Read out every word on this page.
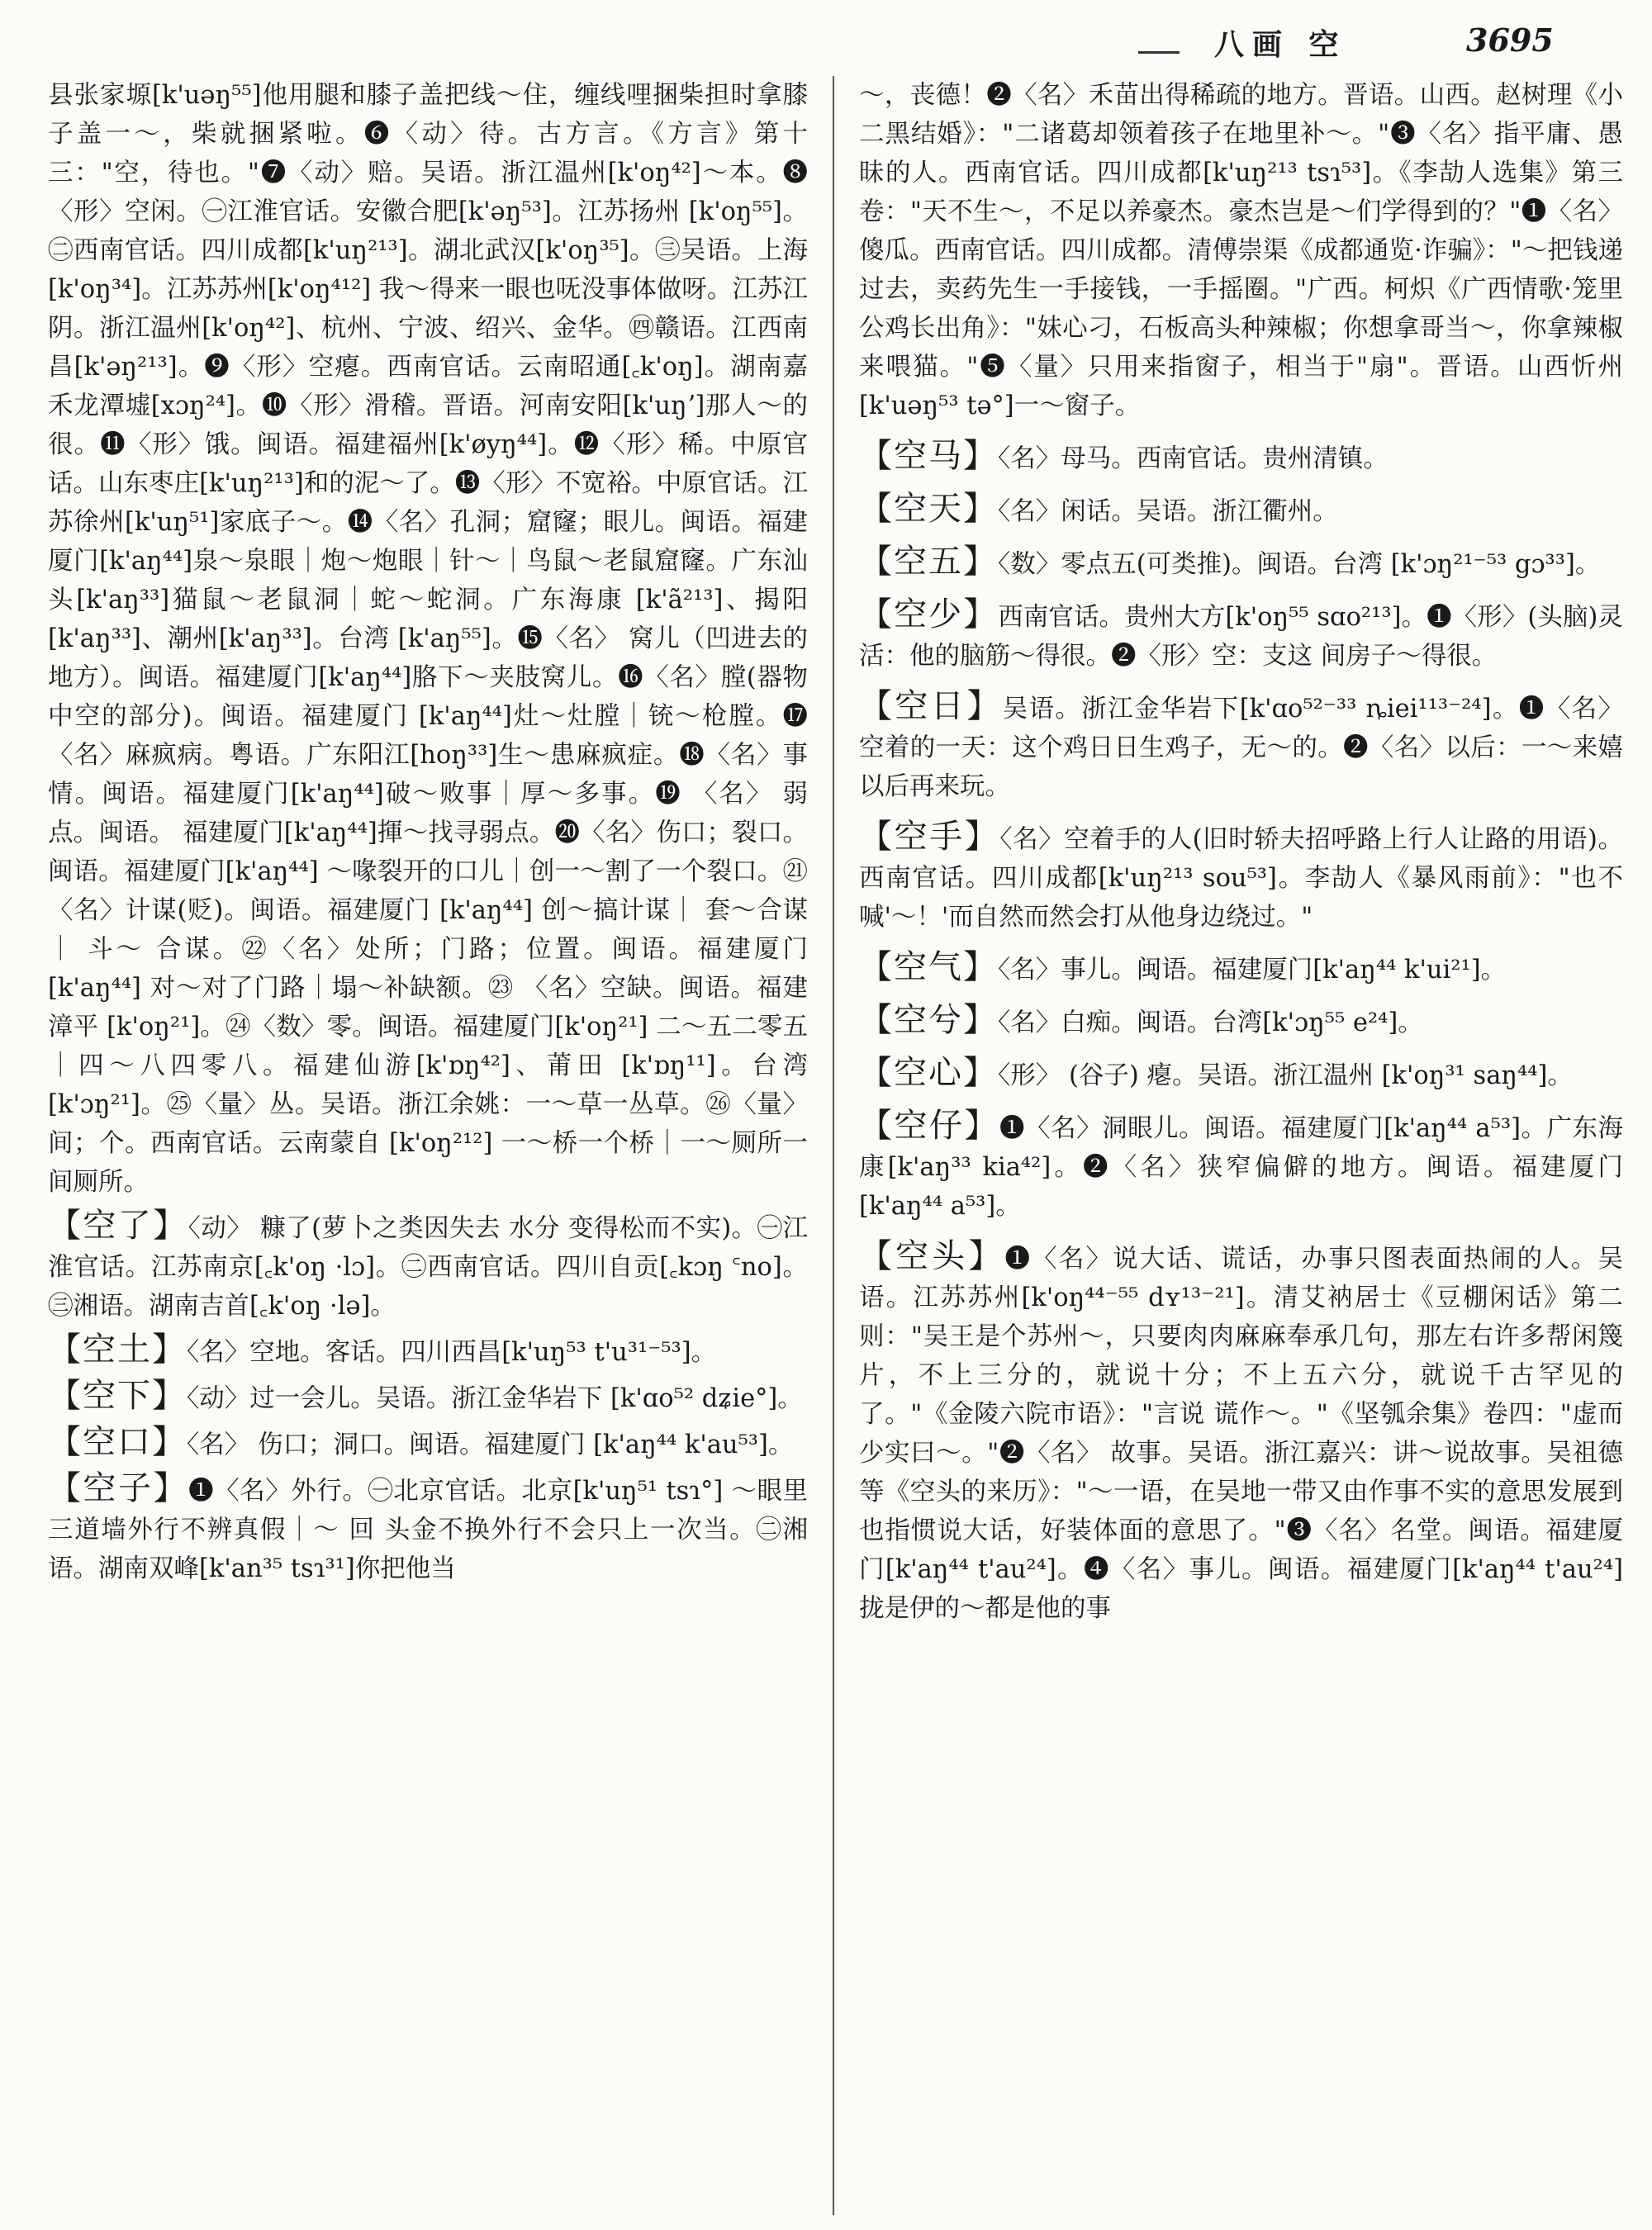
八画 空	3695

县张家塬[k'uəŋ⁵⁵]他用腿和膝子盖把线～住，缠线哩捆柴担时拿膝子盖一～，柴就捆紧啦。❻〈动〉待。古方言。《方言》第十三："空，待也。"❼〈动〉赔。吴语。浙江温州[k'oŋ⁴²]～本。❽〈形〉空闲。㊀江淮官话。安徽合肥[k'əŋ⁵³]。江苏扬州 [k'oŋ⁵⁵]。㊁西南官话。四川成都[k'uŋ²¹³]。湖北武汉[k'oŋ³⁵]。㊂吴语。上海[k'oŋ³⁴]。江苏苏州[k'oŋ⁴¹²] 我～得来一眼也呒没事体做呀。江苏江阴。浙江温州[k'oŋ⁴²]、杭州、宁波、绍兴、金华。㊃赣语。江西南昌[k'əŋ²¹³]。❾〈形〉空瘪。西南官话。云南昭通[꜀k'oŋ]。湖南嘉禾龙潭墟[xɔŋ²⁴]。❿〈形〉滑稽。晋语。河南安阳[k'uŋʼ]那人～的很。⓫〈形〉饿。闽语。福建福州[k'øyŋ⁴⁴]。⓬〈形〉稀。中原官话。山东枣庄[k'uŋ²¹³]和的泥～了。⓭〈形〉不宽裕。中原官话。江苏徐州[k'uŋ⁵¹]家底子～。⓮〈名〉孔洞；窟窿；眼儿。闽语。福建厦门[k'aŋ⁴⁴]泉～泉眼｜炮～炮眼｜针～｜鸟鼠～老鼠窟窿。广东汕头[k'aŋ³³]猫鼠～老鼠洞｜蛇～蛇洞。广东海康 [k'ã²¹³]、揭阳[k'aŋ³³]、潮州[k'aŋ³³]。台湾 [k'aŋ⁵⁵]。⓯〈名〉 窝儿（凹进去的地方）。闽语。福建厦门[k'aŋ⁴⁴]胳下～夹肢窝儿。⓰〈名〉膛(器物中空的部分)。闽语。福建厦门 [k'aŋ⁴⁴]灶～灶膛｜铳～枪膛。⓱〈名〉麻疯病。粤语。广东阳江[hoŋ³³]生～患麻疯症。⓲〈名〉事情。闽语。福建厦门[k'aŋ⁴⁴]破～败事｜厚～多事。⓳ 〈名〉 弱点。闽语。 福建厦门[k'aŋ⁴⁴]揮～找寻弱点。⓴〈名〉伤口；裂口。闽语。福建厦门[k'aŋ⁴⁴] ～喙裂开的口儿｜创一～割了一个裂口。㉑〈名〉计谋(贬)。闽语。福建厦门 [k'aŋ⁴⁴] 创～搞计谋｜ 套～合谋｜ 斗～ 合谋。㉒〈名〉处所；门路；位置。闽语。福建厦门[k'aŋ⁴⁴] 对～对了门路｜塌～补缺额。㉓ 〈名〉空缺。闽语。福建漳平 [k'oŋ²¹]。㉔〈数〉零。闽语。福建厦门[k'oŋ²¹] 二～五二零五｜四～八四零八。福建仙游[k'ɒŋ⁴²]、莆田 [k'ɒŋ¹¹]。台湾[k'ɔŋ²¹]。㉕〈量〉丛。吴语。浙江余姚：一～草一丛草。㉖〈量〉间；个。西南官话。云南蒙自 [k'oŋ²¹²] 一～桥一个桥｜一～厕所一间厕所。

【空了】〈动〉 糠了(萝卜之类因失去 水分 变得松而不实)。㊀江淮官话。江苏南京[꜀k'oŋ ·lɔ]。㊁西南官话。四川自贡[꜀kɔŋ ꜂no]。㊂湘语。湖南吉首[꜀k'oŋ ·lə]。

【空土】〈名〉空地。客话。四川西昌[k'uŋ⁵³ t'u³¹⁻⁵³]。

【空下】〈动〉过一会儿。吴语。浙江金华岩下 [k'ɑo⁵² dʑie°]。

【空口】〈名〉 伤口；洞口。闽语。福建厦门 [k'aŋ⁴⁴ k'au⁵³]。

【空子】❶〈名〉外行。㊀北京官话。北京[k'uŋ⁵¹ tsɿ°] ～眼里三道墙外行不辨真假｜～ 回 头金不换外行不会只上一次当。㊁湘语。湖南双峰[k'an³⁵ tsɿ³¹]你把他当

～，丧德！❷〈名〉禾苗出得稀疏的地方。晋语。山西。赵树理《小二黑结婚》："二诸葛却领着孩子在地里补～。"❸〈名〉指平庸、愚昧的人。西南官话。四川成都[k'uŋ²¹³ tsɿ⁵³]。《李劼人选集》第三卷："天不生～，不足以养豪杰。豪杰岂是～们学得到的？"❶〈名〉傻瓜。西南官话。四川成都。清傅崇渠《成都通览·诈骗》："～把钱递过去，卖药先生一手接钱，一手摇圈。"广西。柯炽《广西情歌·笼里公鸡长出角》："妹心刁，石板高头种辣椒；你想拿哥当～，你拿辣椒来喂猫。"❺〈量〉只用来指窗子，相当于"扇"。晋语。山西忻州[k'uəŋ⁵³ tə°]一～窗子。

【空马】〈名〉母马。西南官话。贵州清镇。

【空天】〈名〉闲话。吴语。浙江衢州。

【空五】〈数〉零点五(可类推)。闽语。台湾 [k'ɔŋ²¹⁻⁵³ gɔ³³]。

【空少】西南官话。贵州大方[k'oŋ⁵⁵ sɑo²¹³]。❶〈形〉(头脑)灵活：他的脑筋～得很。❷〈形〉空：支这 间房子～得很。

【空日】吴语。浙江金华岩下[k'ɑo⁵²⁻³³ ȵiei¹¹³⁻²⁴]。❶〈名〉空着的一天：这个鸡日日生鸡子，无～的。❷〈名〉以后：一～来嬉以后再来玩。

【空手】〈名〉空着手的人(旧时轿夫招呼路上行人让路的用语)。西南官话。四川成都[k'uŋ²¹³ sou⁵³]。李劼人《暴风雨前》："也不喊'～！'而自然而然会打从他身边绕过。"

【空气】〈名〉事儿。闽语。福建厦门[k'aŋ⁴⁴ k'ui²¹]。

【空兮】〈名〉白痴。闽语。台湾[k'ɔŋ⁵⁵ e²⁴]。

【空心】〈形〉 (谷子) 瘪。吴语。浙江温州 [k'oŋ³¹ saŋ⁴⁴]。

【空仔】❶〈名〉洞眼儿。闽语。福建厦门[k'aŋ⁴⁴ a⁵³]。广东海康[k'aŋ³³ kia⁴²]。❷〈名〉狭窄偏僻的地方。闽语。福建厦门[k'aŋ⁴⁴ a⁵³]。

【空头】❶〈名〉说大话、谎话，办事只图表面热闹的人。吴语。江苏苏州[k'oŋ⁴⁴⁻⁵⁵ dʏ¹³⁻²¹]。清艾衲居士《豆棚闲话》第二则："吴王是个苏州～，只要肉肉麻麻奉承几句，那左右许多帮闲篾片，不上三分的，就说十分；不上五六分，就说千古罕见的了。"《金陵六院市语》："言说 谎作～。"《坚瓠余集》卷四："虚而少实曰～。"❷〈名〉 故事。吴语。浙江嘉兴：讲～说故事。吴祖德等《空头的来历》："～一语，在吴地一带又由作事不实的意思发展到也指惯说大话，好装体面的意思了。"❸〈名〉名堂。闽语。福建厦门[k'aŋ⁴⁴ t'au²⁴]。❹〈名〉事儿。闽语。福建厦门[k'aŋ⁴⁴ t'au²⁴] 拢是伊的～都是他的事
